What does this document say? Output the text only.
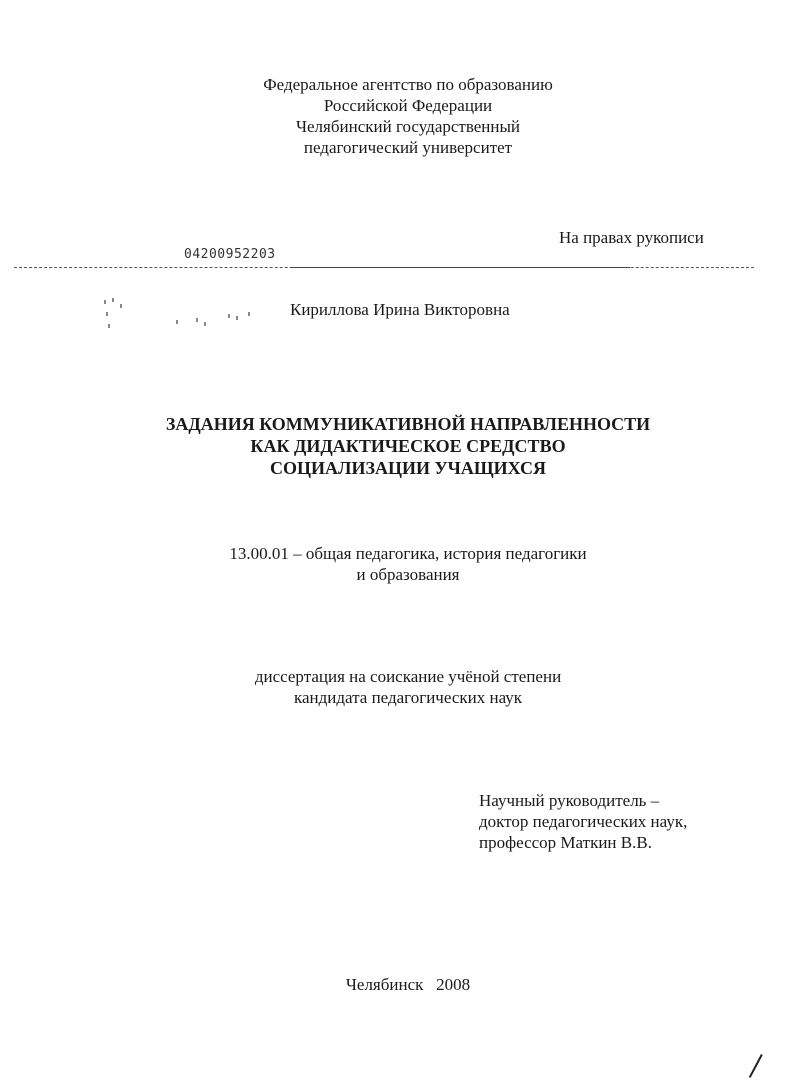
Федеральное агентство по образованию
Российской Федерации
Челябинский государственный
педагогический университет
На правах рукописи
04200952203
Кириллова Ирина Викторовна
ЗАДАНИЯ КОММУНИКАТИВНОЙ НАПРАВЛЕННОСТИ
КАК ДИДАКТИЧЕСКОЕ СРЕДСТВО
СОЦИАЛИЗАЦИИ УЧАЩИХСЯ
13.00.01 – общая педагогика, история педагогики
и образования
диссертация на соискание учёной степени
кандидата педагогических наук
Научный руководитель –
доктор педагогических наук,
профессор Маткин В.В.
Челябинск   2008
